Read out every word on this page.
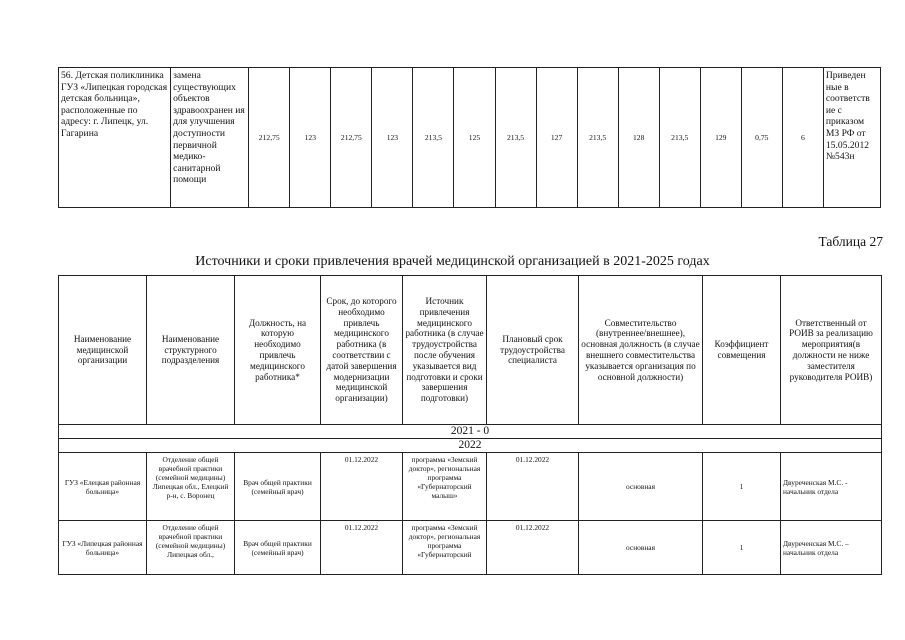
56. Детская поликлиника ГУЗ «Липецкая городская детская больница», расположенные по адресу: г. Липецк, ул. Гагарина	замена существующих объектов здравоохранен ия для улучшения доступности первичной медико-санитарной помощи	212,75	123	212,75	123	213,5	125	213,5	127	213,5	128	213,5	129	0,75	6	Приведен ные в соответств ие с приказом МЗ РФ от 15.05.2012 №543н
Таблица 27
Источники и сроки привлечения врачей медицинской организацией в 2021-2025 годах
Наименование медицинской организации	Наименование структурного подразделения	Должность, на которую необходимо привлечь медицинского работника*	Срок, до которого необходимо привлечь медицинского работника (в соответствии с датой завершения модернизации медицинской организации)	Источник привлечения медицинского работника (в случае трудоустройства после обучения указывается вид подготовки и сроки завершения подготовки)	Плановый срок трудоустройства специалиста	Совместительство (внутреннее/внешнее), основная должность (в случае внешнего совместительства указывается организация по основной должности)	Коэффициент совмещения	Ответственный от РОИВ за реализацию мероприятия(в должности не ниже заместителя руководителя РОИВ)
2021 - 0								
2022								
ГУЗ «Елецкая районная больница»	Отделение общей врачебной практики (семейной медицины) Липецкая обл., Елецкий р-н, с. Воронец	Врач общей практики (семейный врач)	01.12.2022	программа «Земский доктор», региональная программа «Губернаторский малыш»	01.12.2022	основная	1	Двуреченская М.С. - начальник отдела
ГУЗ «Липецкая районная больница»	Отделение общей врачебной практики (семейной медицины) Липецкая обл.,	Врач общей практики (семейный врач)	01.12.2022	программа «Земский доктор», региональная программа «Губернаторский	01.12.2022	основная	1	Двуреченская М.С. – начальник отдела
